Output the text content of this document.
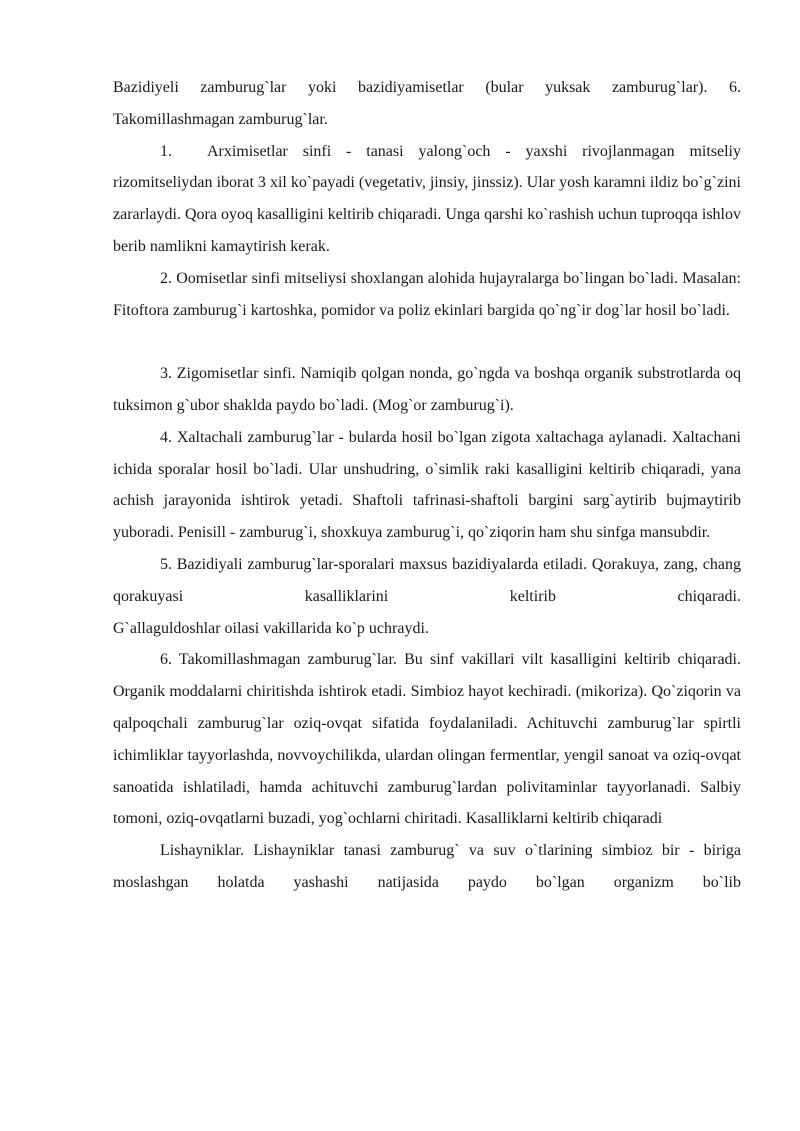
Bazidiyeli zamburug`lar yoki bazidiyamisetlar (bular yuksak zamburug`lar). 6. Takomillashmagan zamburug`lar.

1. Arximisetlar sinfi - tanasi yalong`och - yaxshi rivojlanmagan mitseliy rizomitseliydan iborat 3 xil ko`payadi (vegetativ, jinsiy, jinssiz). Ular yosh karamni ildiz bo`g`zini zararlaydi. Qora oyoq kasalligini keltirib chiqaradi. Unga qarshi ko`rashish uchun tuproqqa ishlov berib namlikni kamaytirish kerak.

2. Oomisetlar sinfi mitseliysi shoxlangan alohida hujayralarga bo`lingan bo`ladi. Masalan: Fitoftora zamburug`i kartoshka, pomidor va poliz ekinlari bargida qo`ng`ir dog`lar hosil bo`ladi.

3. Zigomisetlar sinfi. Namiqib qolgan nonda, go`ngda va boshqa organik substrotlarda oq tuksimon g`ubor shaklda paydo bo`ladi. (Mog`or zamburug`i).

4. Xaltachali zamburug`lar - bularda hosil bo`lgan zigota xaltachaga aylanadi. Xaltachani ichida sporalar hosil bo`ladi. Ular unshudring, o`simlik raki kasalligini keltirib chiqaradi, yana achish jarayonida ishtirok yetadi. Shaftoli tafrinasi-shaftoli bargini sarg`aytirib bujmaytirib yuboradi. Penisill - zamburug`i, shoxkuya zamburug`i, qo`ziqorin ham shu sinfga mansubdir.

5. Bazidiyali zamburug`lar-sporalari maxsus bazidiyalarda etiladi. Qorakuya, zang, chang qorakuyasi kasalliklarini keltirib chiqaradi.

G`allaguldoshlar oilasi vakillarida ko`p uchraydi.

6. Takomillashmagan zamburug`lar. Bu sinf vakillari vilt kasalligini keltirib chiqaradi. Organik moddalarni chiritishda ishtirok etadi. Simbioz hayot kechiradi. (mikoriza). Qo`ziqorin va qalpoqchali zamburug`lar oziq-ovqat sifatida foydalaniladi. Achituvchi zamburug`lar spirtli ichimliklar tayyorlashda, novvoychilikda, ulardan olingan fermentlar, yengil sanoat va oziq-ovqat sanoatida ishlatiladi, hamda achituvchi zamburug`lardan polivitaminlar tayyorlanadi. Salbiy tomoni, oziq-ovqatlarni buzadi, yog`ochlarni chiritadi. Kasalliklarni keltirib chiqaradi

Lishayniklar. Lishayniklar tanasi zamburug` va suv o`tlarining simbioz bir - biriga moslashgan holatda yashashi natijasida paydo bo`lgan organizm bo`lib
